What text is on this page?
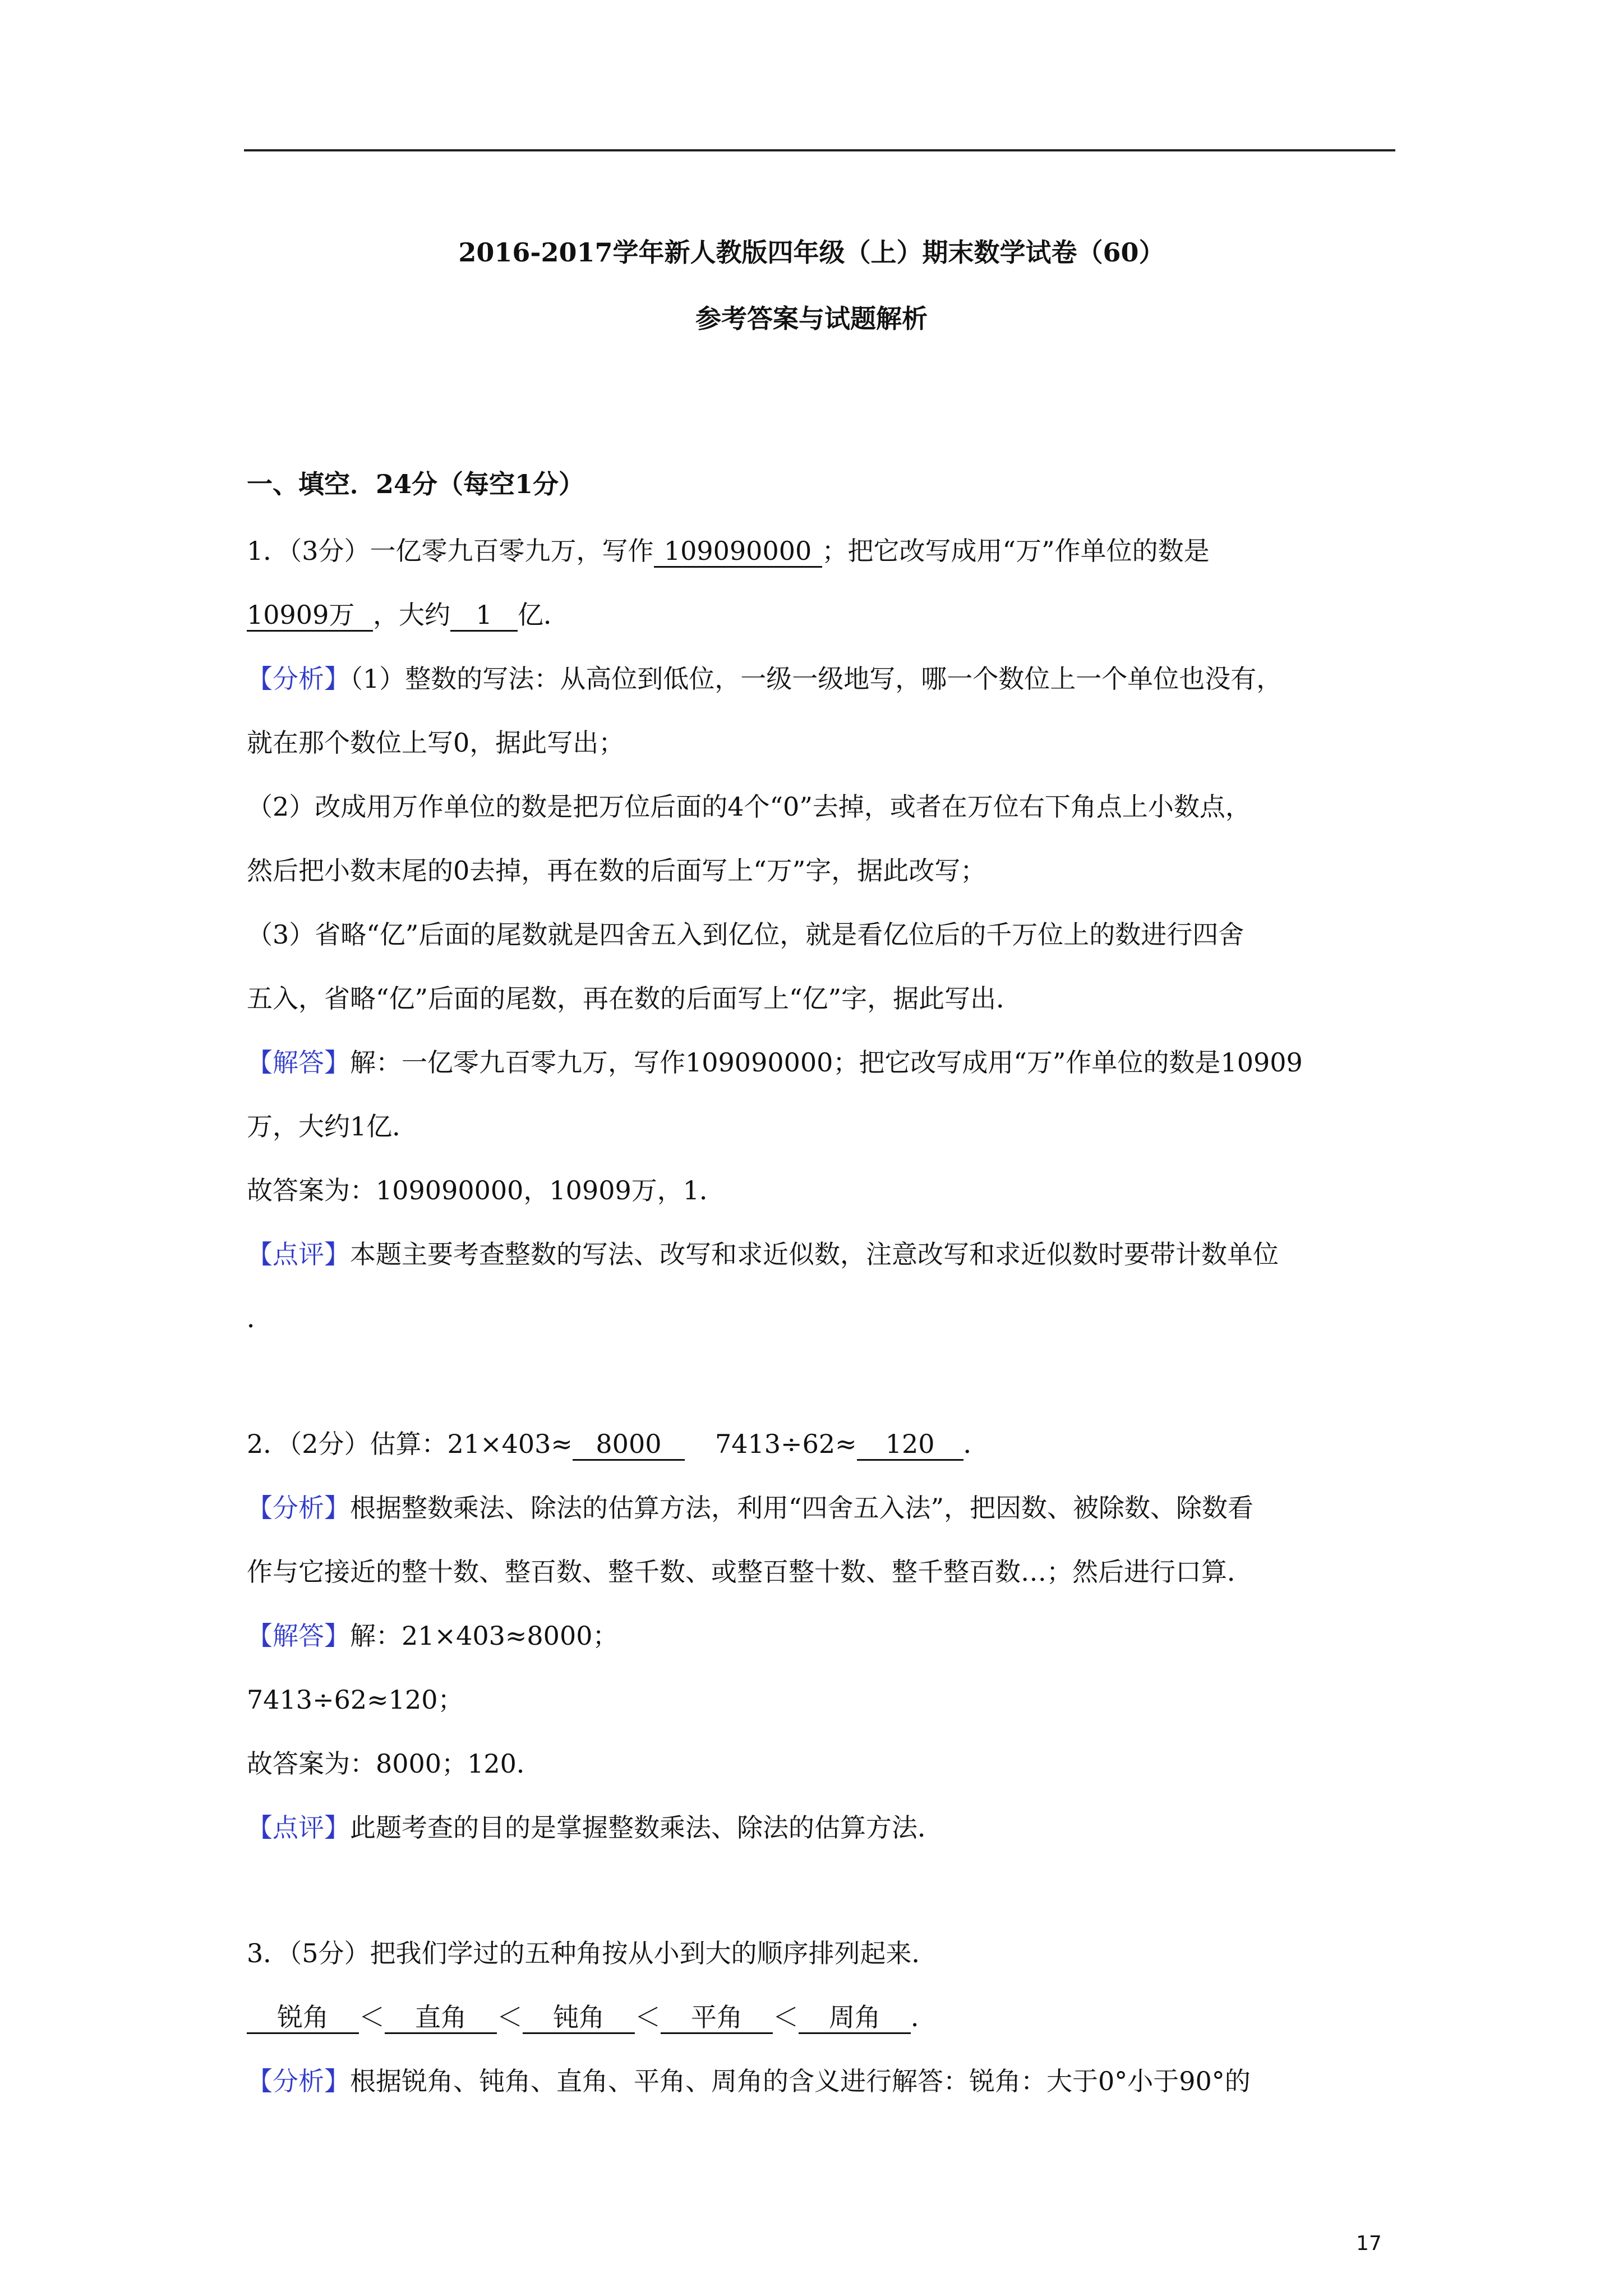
2016-2017学年新人教版四年级（上）期末数学试卷（60）
参考答案与试题解析
一、填空．24分（每空1分）
1．（3分）一亿零九百零九万，写作 109090000 ；把它改写成用“万”作单位的数是
10909万 ，大约 1 亿．
【分析】（1）整数的写法：从高位到低位，一级一级地写，哪一个数位上一个单位也没有，
就在那个数位上写0，据此写出；
（2）改成用万作单位的数是把万位后面的4个“0”去掉，或者在万位右下角点上小数点，
然后把小数末尾的0去掉，再在数的后面写上“万”字，据此改写；
（3）省略“亿”后面的尾数就是四舍五入到亿位，就是看亿位后的千万位上的数进行四舍
五入，省略“亿”后面的尾数，再在数的后面写上“亿”字，据此写出．
【解答】解：一亿零九百零九万，写作109090000；把它改写成用“万”作单位的数是10909
万，大约1亿．
故答案为：109090000，10909万，1．
【点评】本题主要考查整数的写法、改写和求近似数，注意改写和求近似数时要带计数单位
．
2．（2分）估算：21×403≈ 8000 7413÷62≈ 120 ．
【分析】根据整数乘法、除法的估算方法，利用“四舍五入法”，把因数、被除数、除数看
作与它接近的整十数、整百数、整千数、或整百整十数、整千整百数…；然后进行口算．
【解答】解：21×403≈8000；
7413÷62≈120；
故答案为：8000；120．
【点评】此题考查的目的是掌握整数乘法、除法的估算方法．
3．（5分）把我们学过的五种角按从小到大的顺序排列起来．
锐角 ＜ 直角 ＜ 钝角 ＜ 平角 ＜ 周角 ．
【分析】根据锐角、钝角、直角、平角、周角的含义进行解答：锐角：大于0°小于90°的
17
